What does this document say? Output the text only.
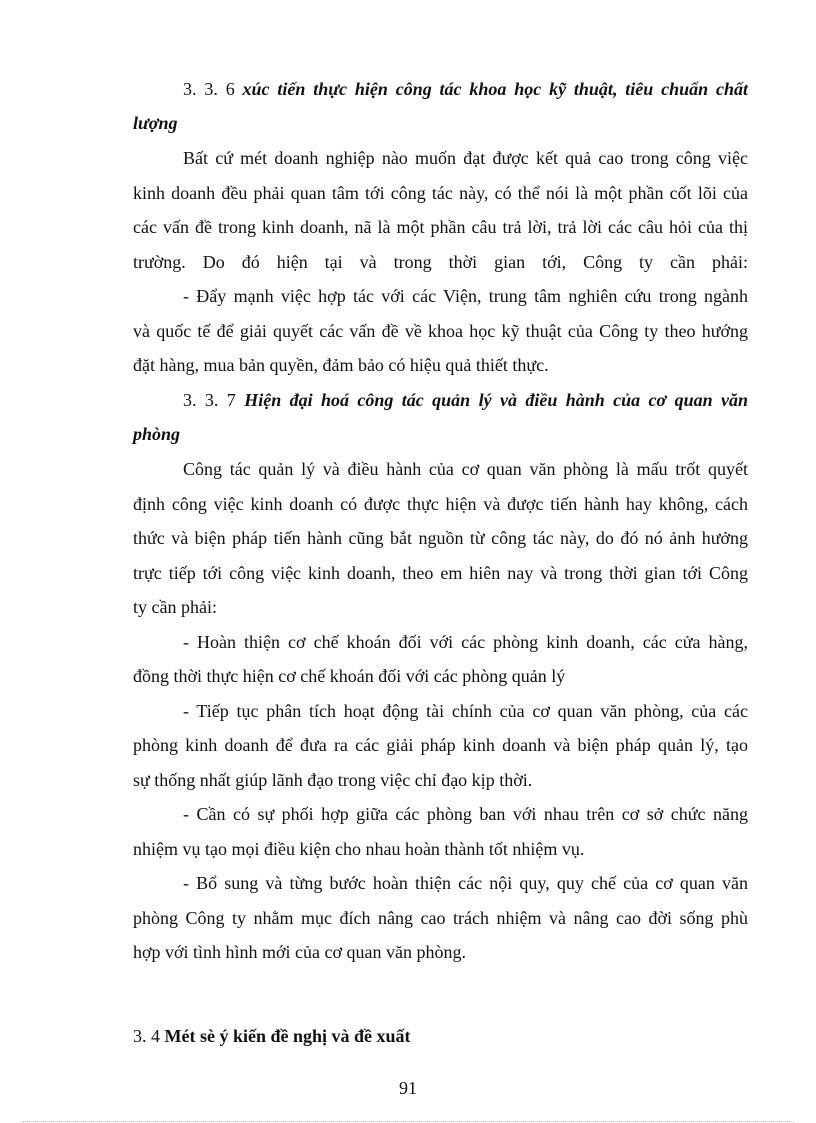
3. 3. 6 xúc tiến thực hiện công tác khoa học kỹ thuật, tiêu chuẩn chất
lượng
Bất cứ mét doanh nghiệp nào muốn đạt được kết quả cao trong công việc
kinh doanh đều phải quan tâm tới công tác này, có thể nói là một phần cốt lõi của
các vấn đề trong kinh doanh, nã là một phần câu trả lời, trả lời các câu hỏi của thị
trường. Do đó hiện tại và trong thời gian tới, Công ty cần phải:
- Đẩy mạnh việc hợp tác với các Viện, trung tâm nghiên cứu trong ngành
và quốc tế để giải quyết các vấn đề về khoa học kỹ thuật của Công ty theo hướng
đặt hàng, mua bản quyền, đảm bảo có hiệu quả thiết thực.
3. 3. 7 Hiện đại hoá công tác quản lý và điều hành của cơ quan văn
phòng
Công tác quản lý và điều hành của cơ quan văn phòng là mấu trốt quyết
định công việc kinh doanh có được thực hiện và được tiến hành hay không, cách
thức và biện pháp tiến hành cũng bắt nguồn từ công tác này, do đó nó ảnh hưởng
trực tiếp tới công việc kinh doanh, theo em hiên nay và trong thời gian tới Công
ty cần phải:
- Hoàn thiện cơ chế khoán đối với các phòng kinh doanh, các cửa hàng,
đồng thời thực hiện cơ chế khoán đối với các phòng quản lý
- Tiếp tục phân tích hoạt động tài chính của cơ quan văn phòng, của các
phòng kinh doanh để đưa ra các giải pháp kinh doanh và biện pháp quản lý, tạo
sự thống nhất giúp lãnh đạo trong việc chỉ đạo kịp thời.
- Cần có sự phối hợp giữa các phòng ban với nhau trên cơ sở chức năng
nhiệm vụ tạo mọi điều kiện cho nhau hoàn thành tốt nhiệm vụ.
- Bổ sung và từng bước hoàn thiện các nội quy, quy chế của cơ quan văn
phòng Công ty nhằm mục đích nâng cao trách nhiệm và nâng cao đời sống phù
hợp với tình hình mới của cơ quan văn phòng.
3. 4 Mét sè ý kiến đề nghị và đề xuất
91
